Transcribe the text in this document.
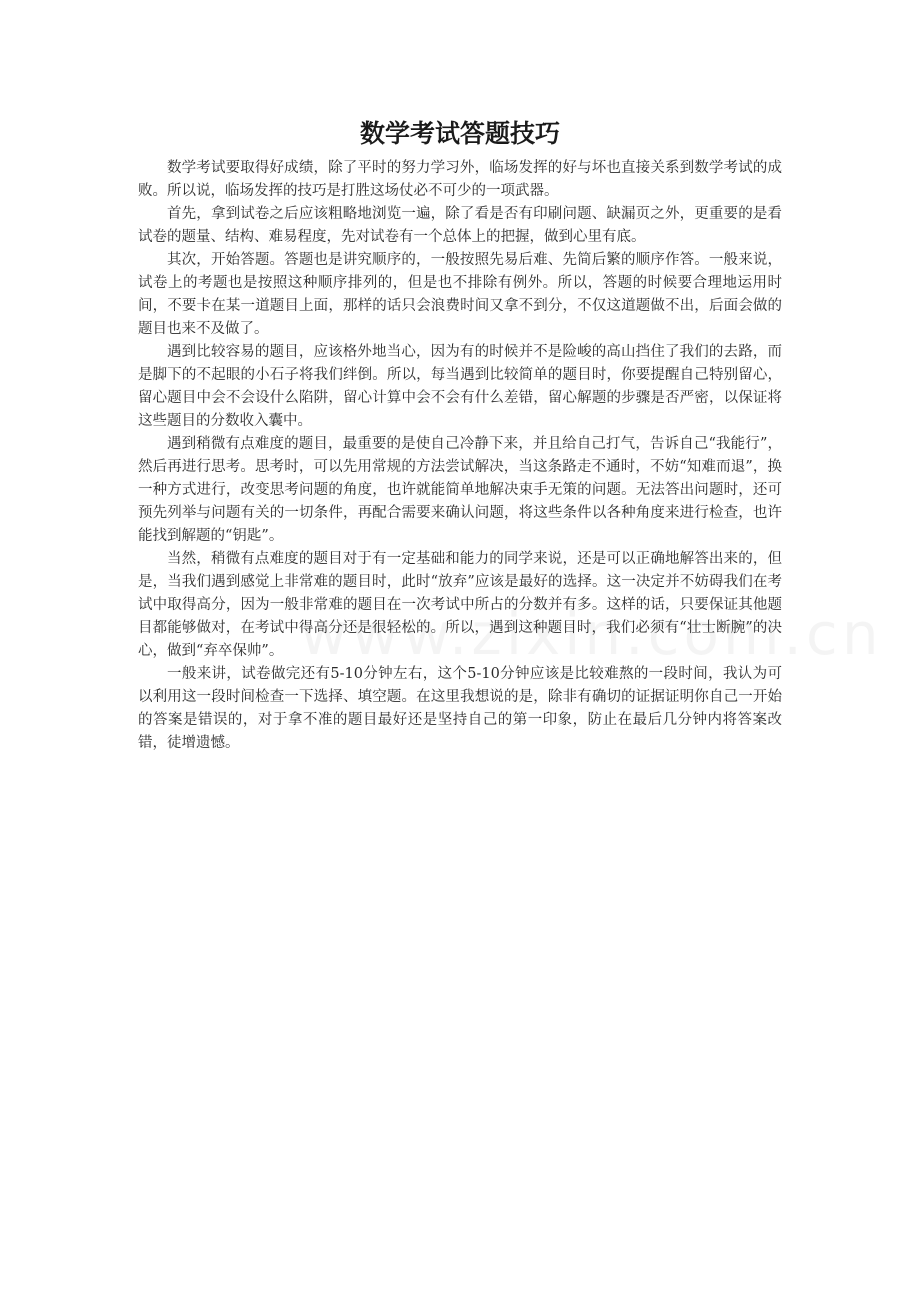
数学考试答题技巧

数学考试要取得好成绩，除了平时的努力学习外，临场发挥的好与坏也直接关系到数学考试的成败。所以说，临场发挥的技巧是打胜这场仗必不可少的一项武器。

首先，拿到试卷之后应该粗略地浏览一遍，除了看是否有印刷问题、缺漏页之外，更重要的是看试卷的题量、结构、难易程度，先对试卷有一个总体上的把握，做到心里有底。

其次，开始答题。答题也是讲究顺序的，一般按照先易后难、先简后繁的顺序作答。一般来说，试卷上的考题也是按照这种顺序排列的，但是也不排除有例外。所以，答题的时候要合理地运用时间，不要卡在某一道题目上面，那样的话只会浪费时间又拿不到分，不仅这道题做不出，后面会做的题目也来不及做了。

遇到比较容易的题目，应该格外地当心，因为有的时候并不是险峻的高山挡住了我们的去路，而是脚下的不起眼的小石子将我们绊倒。所以，每当遇到比较简单的题目时，你要提醒自己特别留心，留心题目中会不会设什么陷阱，留心计算中会不会有什么差错，留心解题的步骤是否严密，以保证将这些题目的分数收入囊中。

遇到稍微有点难度的题目，最重要的是使自己冷静下来，并且给自己打气，告诉自己“我能行”，然后再进行思考。思考时，可以先用常规的方法尝试解决，当这条路走不通时，不妨“知难而退”，换一种方式进行，改变思考问题的角度，也许就能简单地解决束手无策的问题。无法答出问题时，还可预先列举与问题有关的一切条件，再配合需要来确认问题，将这些条件以各种角度来进行检查，也许能找到解题的“钥匙”。

当然，稍微有点难度的题目对于有一定基础和能力的同学来说，还是可以正确地解答出来的，但是，当我们遇到感觉上非常难的题目时，此时“放弃”应该是最好的选择。这一决定并不妨碍我们在考试中取得高分，因为一般非常难的题目在一次考试中所占的分数并有多。这样的话，只要保证其他题目都能够做对，在考试中得高分还是很轻松的。所以，遇到这种题目时，我们必须有“壮士断腕”的决心，做到“弃卒保帅”。

一般来讲，试卷做完还有5-10分钟左右，这个5-10分钟应该是比较难熬的一段时间，我认为可以利用这一段时间检查一下选择、填空题。在这里我想说的是，除非有确切的证据证明你自己一开始的答案是错误的，对于拿不准的题目最好还是坚持自己的第一印象，防止在最后几分钟内将答案改错，徒增遗憾。
